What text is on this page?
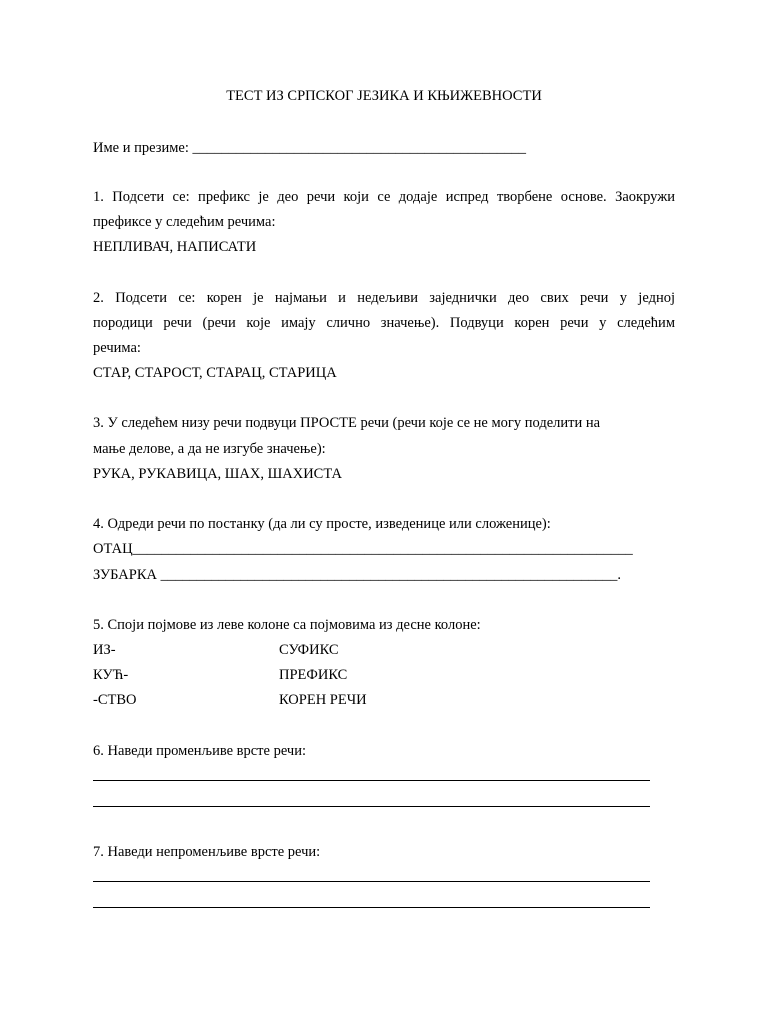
ТЕСТ ИЗ СРПСКОГ ЈЕЗИКА И КЊИЖЕВНОСТИ
Име и презиме: ______________________________________________
1. Подсети се: префикс је део речи који се додаје испред творбене основе. Заокружи
префиксе у следећим речима:
НЕПЛИВАЧ, НАПИСАТИ
2. Подсети се: корен је најмањи и недељиви заједнички део свих речи у једној
породици речи (речи које имају слично значење). Подвуци корен речи у следећим
речима:
СТАР, СТАРОСТ, СТАРАЦ, СТАРИЦА
3. У следећем низу речи подвуци ПРОСТЕ речи (речи које се не могу поделити на
мање делове, а да не изгубе значење):
РУКА, РУКАВИЦА, ШАХ, ШАХИСТА
4. Одреди речи по постанку (да ли су просте, изведенице или сложенице):
ОТАЦ_____________________________________________________________________
ЗУБАРКА _______________________________________________________________.
5. Споји појмове из леве колоне са појмовима из десне колоне:
ИЗ-	СУФИКС
КУЋ-	ПРЕФИКС
-СТВО	КОРЕН РЕЧИ
6. Наведи променљиве врсте речи:
7. Наведи непроменљиве врсте речи:
